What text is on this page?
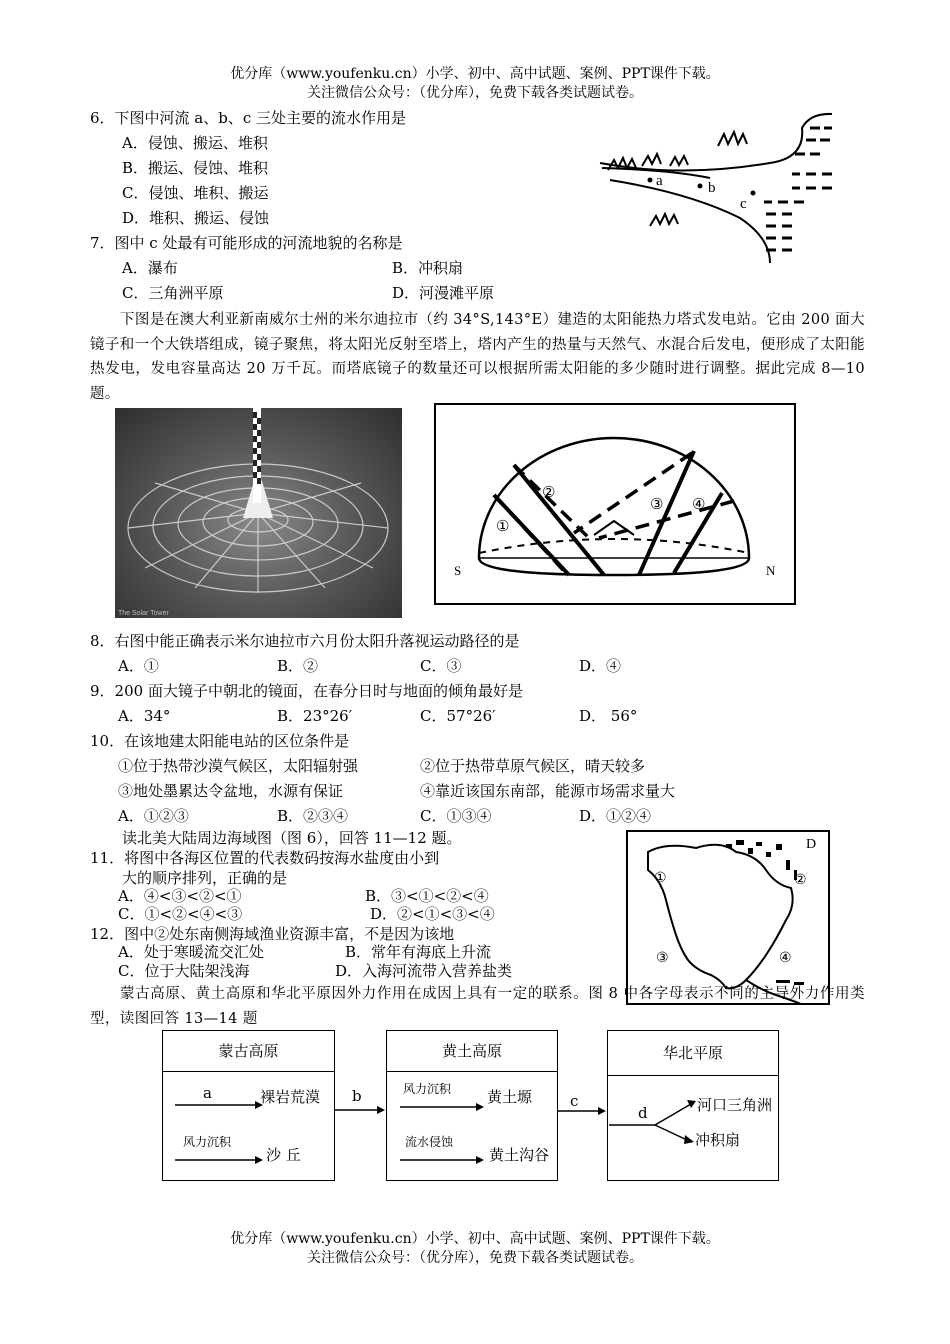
优分库（www.youfenku.cn）小学、初中、高中试题、案例、PPT课件下载。
关注微信公众号：（优分库），免费下载各类试题试卷。
6．下图中河流 a、b、c 三处主要的流水作用是
A．侵蚀、搬运、堆积
B．搬运、侵蚀、堆积
C．侵蚀、堆积、搬运
D．堆积、搬运、侵蚀
a	b
c
7．图中 c 处最有可能形成的河流地貌的名称是
A．瀑布	B．冲积扇
C．三角洲平原	D．河漫滩平原
下图是在澳大利亚新南威尔士州的米尔迪拉市（约 34°S,143°E）建造的太阳能热力塔式发电站。它由 200 面大镜子和一个大铁塔组成，镜子聚焦，将太阳光反射至塔上，塔内产生的热量与天然气、水混合后发电，便形成了太阳能热发电，发电容量高达 20 万千瓦。而塔底镜子的数量还可以根据所需太阳能的多少随时进行调整。据此完成 8—10 题。
The Solar Tower
②
①
③ ④
S	N
8．右图中能正确表示米尔迪拉市六月份太阳升落视运动路径的是
A．①	B．②	C．③	D．④
9．200 面大镜子中朝北的镜面，在春分日时与地面的倾角最好是
A．34°	B．23°26′	C．57°26′	D． 56°
10．在该地建太阳能电站的区位条件是
①位于热带沙漠气候区，太阳辐射强	②位于热带草原气候区，晴天较多
③地处墨累达令盆地，水源有保证	④靠近该国东南部，能源市场需求量大
A．①②③	B．②③④	C．①③④	D．①②④
读北美大陆周边海域图（图 6），回答 11—12 题。
11．将图中各海区位置的代表数码按海水盐度由小到
大的顺序排列，正确的是
A．④<③<②<①	B．③<①<②<④
C．①<②<④<③	D．②<①<③<④
12．图中②处东南侧海域渔业资源丰富，不是因为该地
A．处于寒暖流交汇处	B．常年有海底上升流
C．位于大陆架浅海	D．入海河流带入营养盐类
D
①	②
③	④
蒙古高原、黄土高原和华北平原因外力作用在成因上具有一定的联系。图 8 中各字母表示不同的主导外力作用类型，读图回答 13—14 题
蒙古高原
a	裸岩荒漠
风力沉积
沙 丘
b
黄土高原
风力沉积 黄土塬
流水侵蚀
黄土沟谷
c
华北平原
d	河口三角洲
冲积扇
优分库（www.youfenku.cn）小学、初中、高中试题、案例、PPT课件下载。
关注微信公众号：（优分库），免费下载各类试题试卷。
